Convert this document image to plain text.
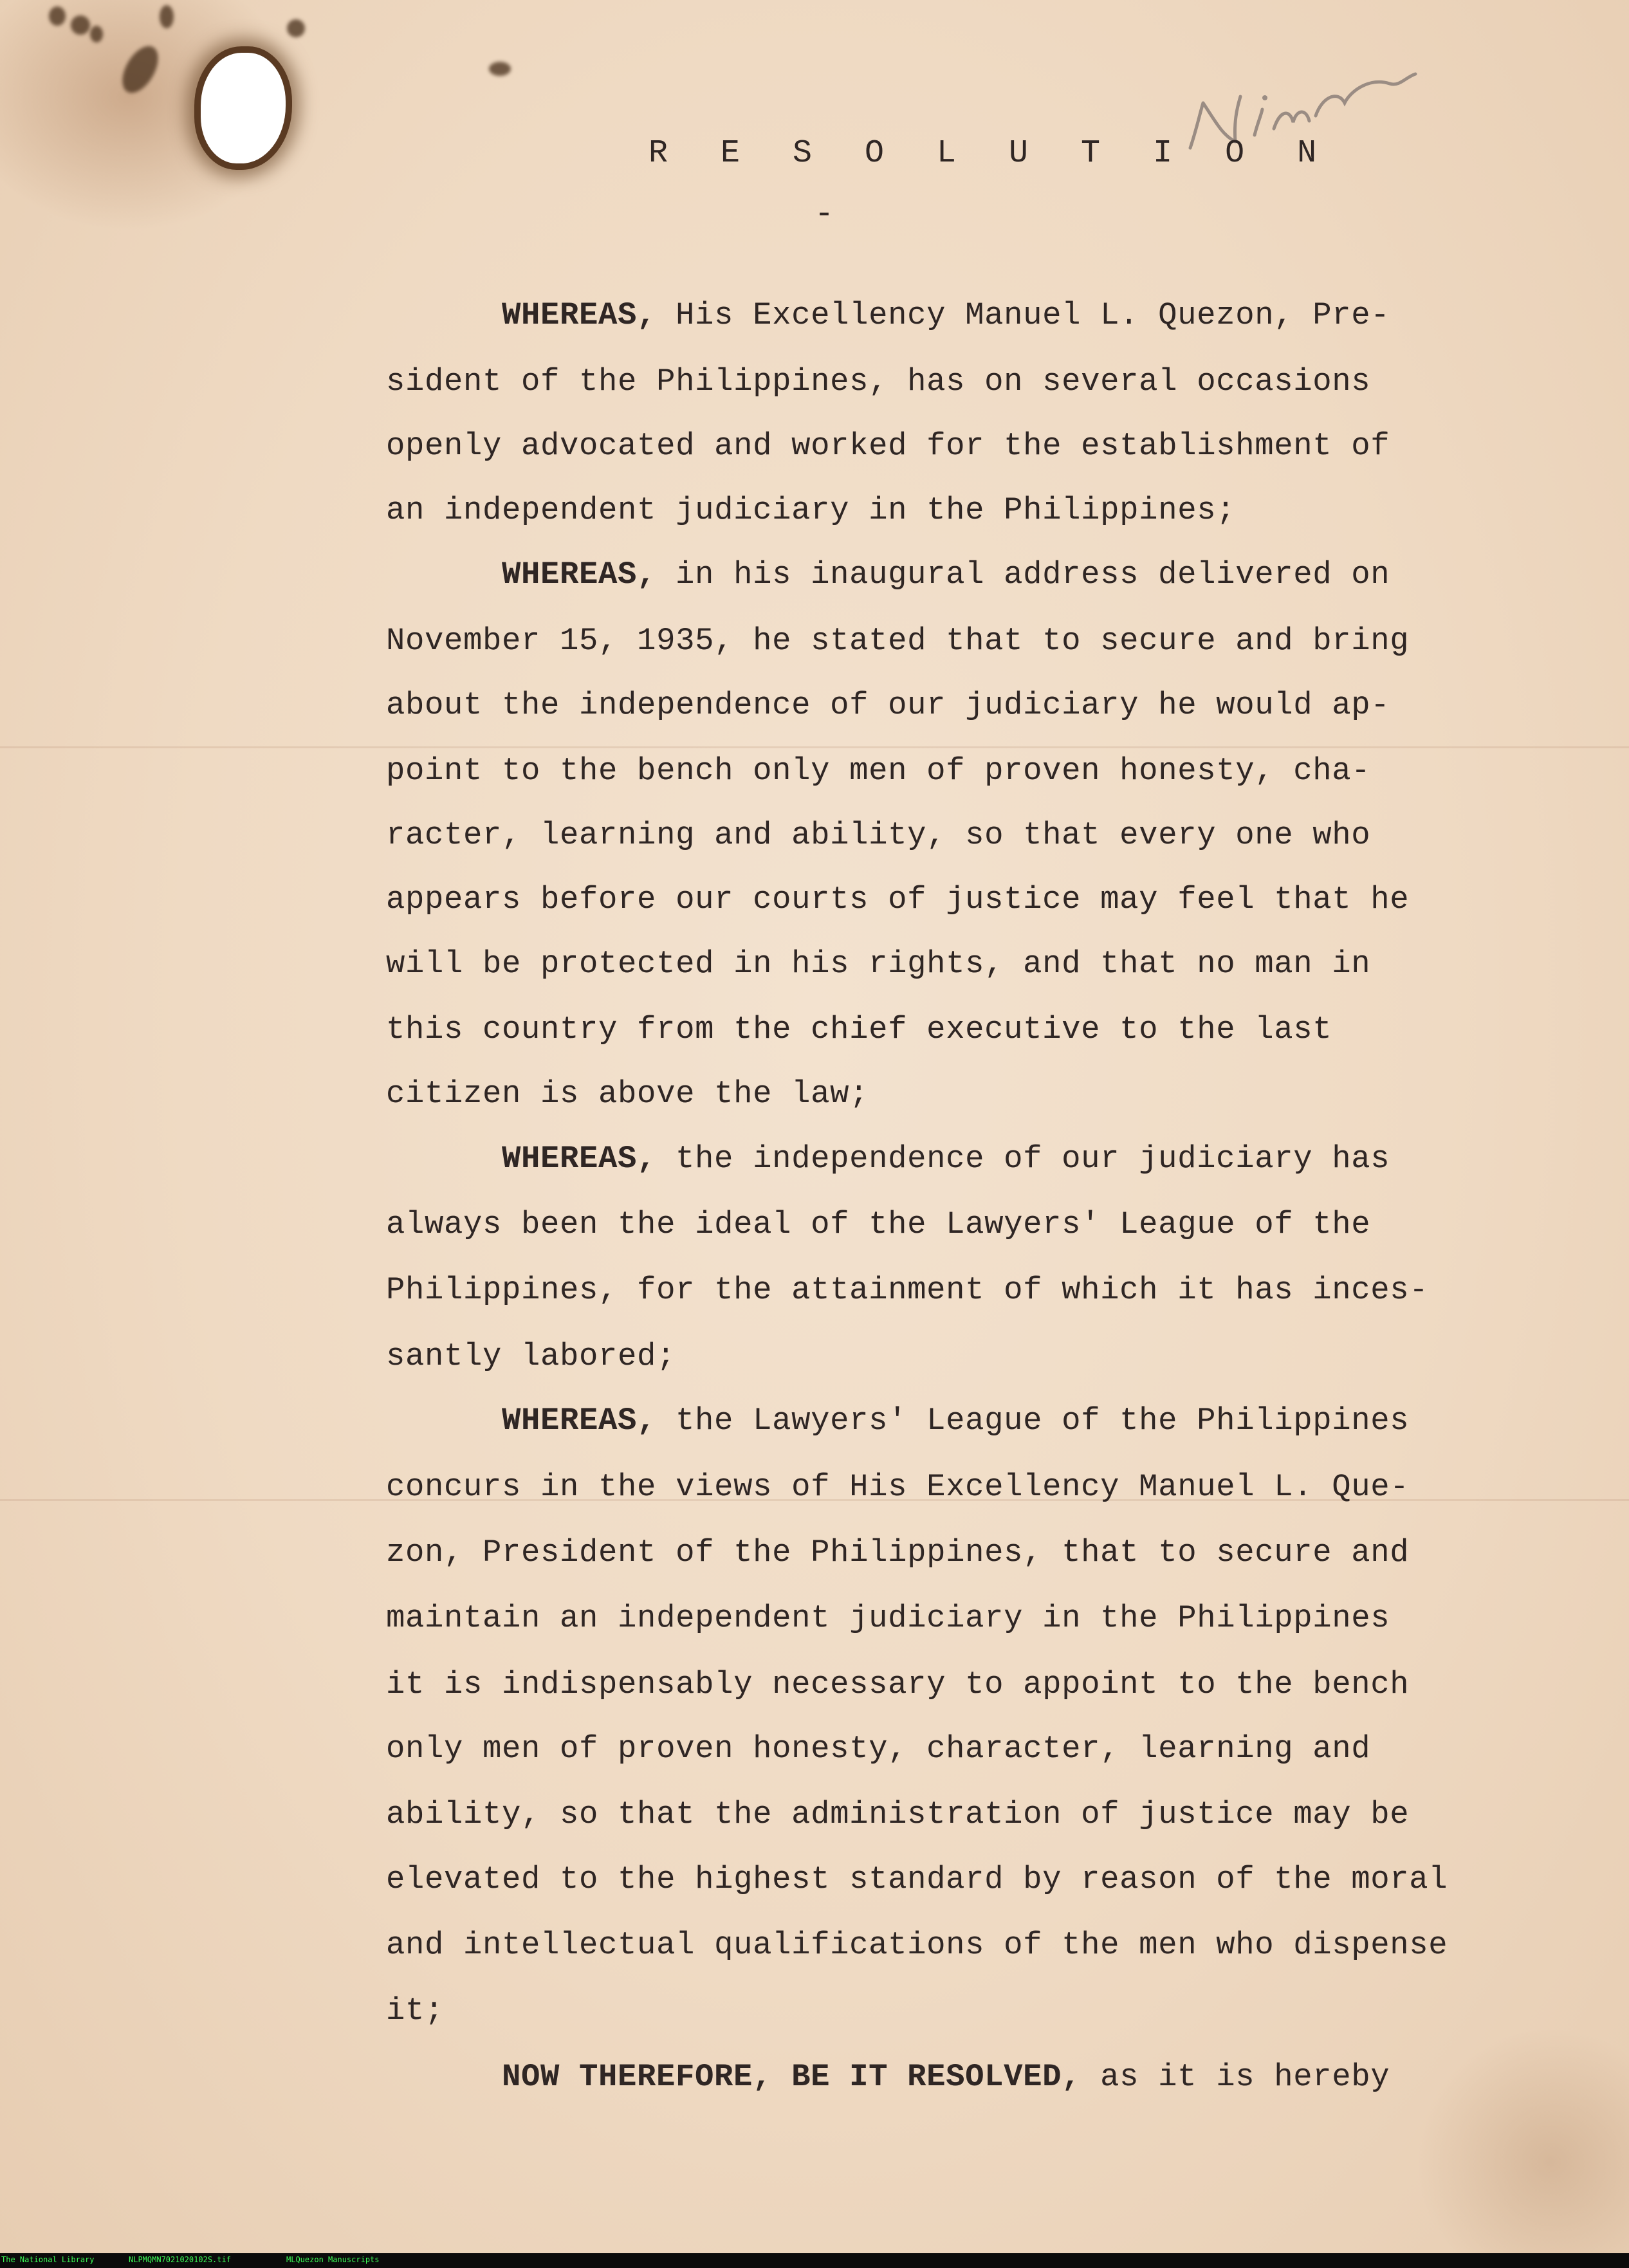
R E S O L U T I O N
-
WHEREAS, His Excellency Manuel L. Quezon, Pre-
sident of the Philippines, has on several occasions
openly advocated and worked for the establishment of
an independent judiciary in the Philippines;
WHEREAS, in his inaugural address delivered on
November 15, 1935, he stated that to secure and bring
about the independence of our judiciary he would ap-
point to the bench only men of proven honesty, cha-
racter, learning and ability, so that every one who
appears before our courts of justice may feel that he
will be protected in his rights, and that no man in
this country from the chief executive to the last
citizen is above the law;
WHEREAS, the independence of our judiciary has
always been the ideal of the Lawyers' League of the
Philippines, for the attainment of which it has inces-
santly labored;
WHEREAS, the Lawyers' League of the Philippines
concurs in the views of His Excellency Manuel L. Que-
zon, President of the Philippines, that to secure and
maintain an independent judiciary in the Philippines
it is indispensably necessary to appoint to the bench
only men of proven honesty, character, learning and
ability, so that the administration of justice may be
elevated to the highest standard by reason of the moral
and intellectual qualifications of the men who dispense
it;
NOW THEREFORE, BE IT RESOLVED, as it is hereby
The National Library	NLPMQMN7021020102S.tif	MLQuezon Manuscripts
